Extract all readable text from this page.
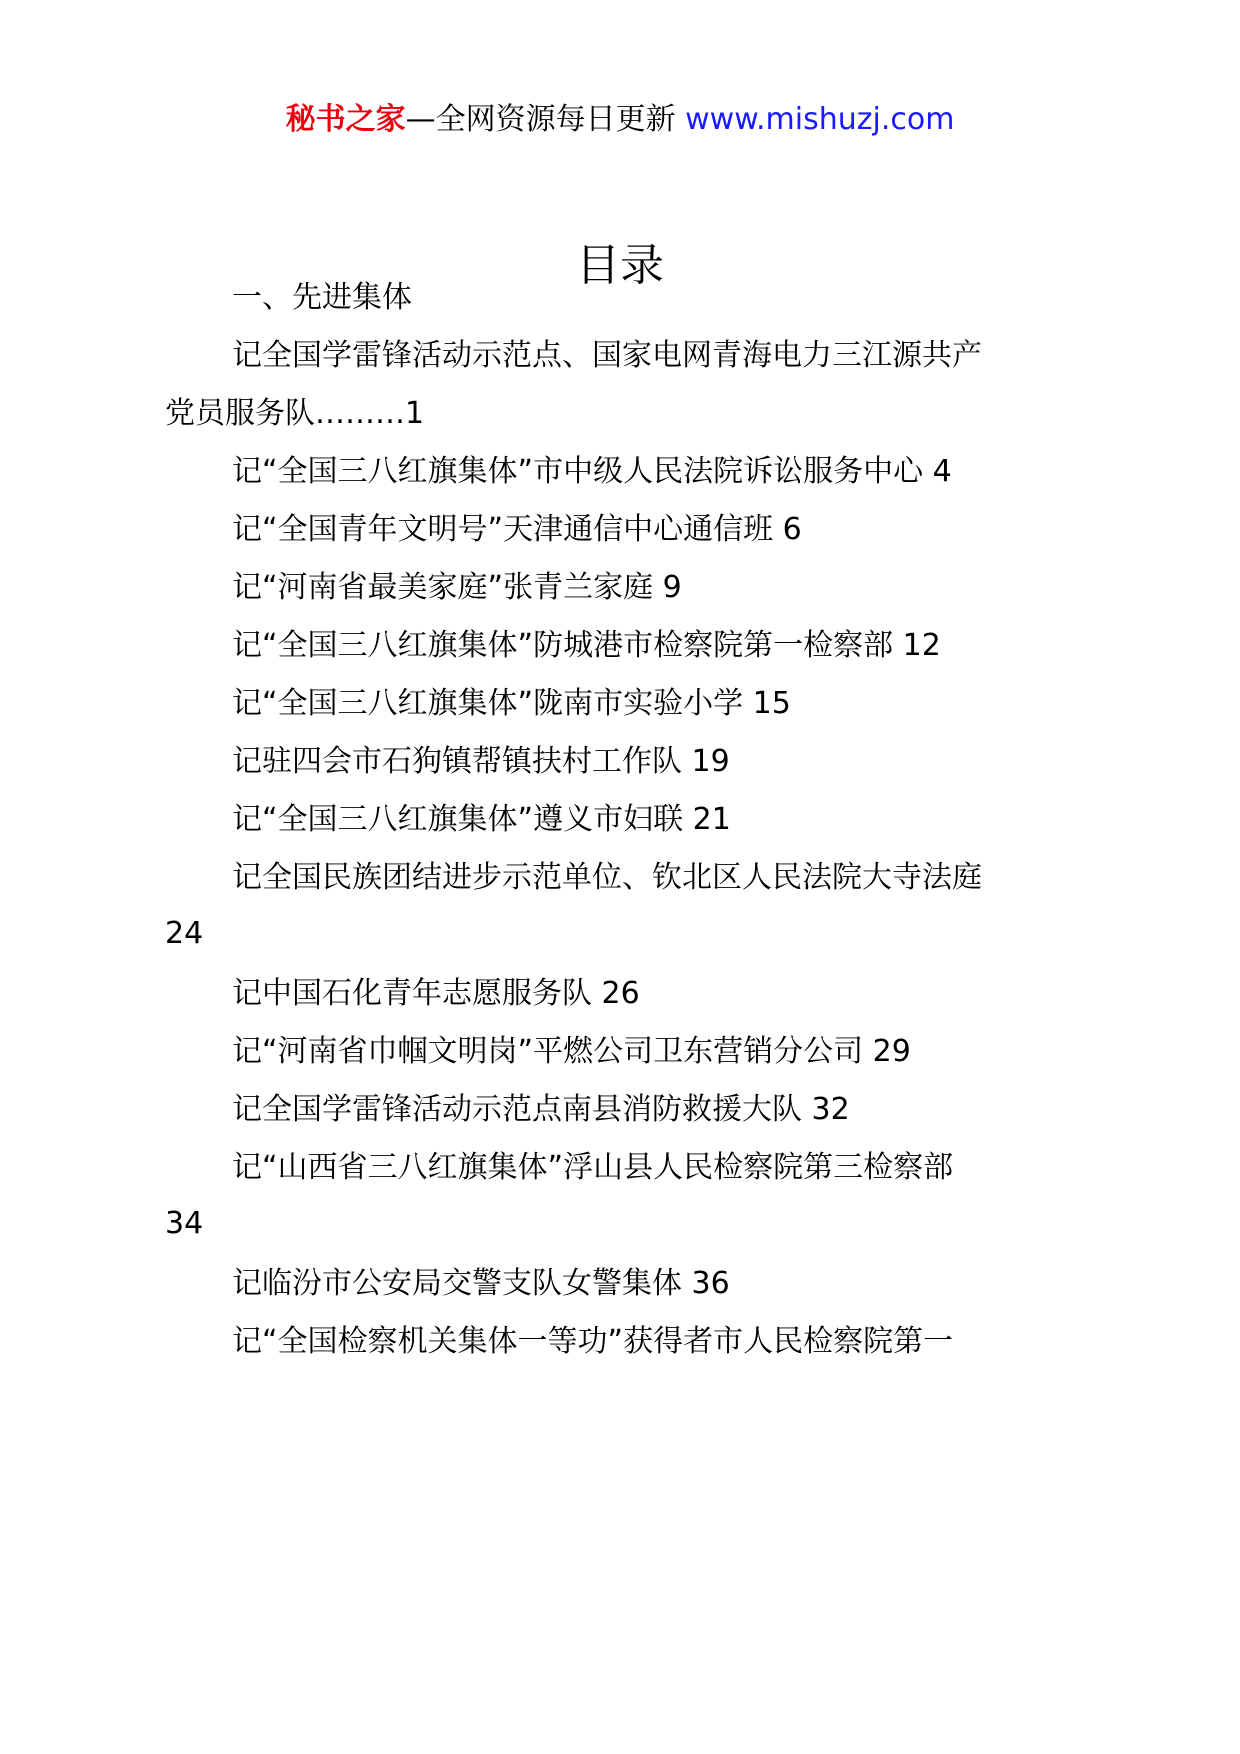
秘书之家—全网资源每日更新 www.mishuzj.com
目录
一、先进集体
记全国学雷锋活动示范点、国家电网青海电力三江源共产
党员服务队………1
记“全国三八红旗集体”市中级人民法院诉讼服务中心 4
记“全国青年文明号”天津通信中心通信班 6
记“河南省最美家庭”张青兰家庭 9
记“全国三八红旗集体”防城港市检察院第一检察部 12
记“全国三八红旗集体”陇南市实验小学 15
记驻四会市石狗镇帮镇扶村工作队 19
记“全国三八红旗集体”遵义市妇联 21
记全国民族团结进步示范单位、钦北区人民法院大寺法庭
24
记中国石化青年志愿服务队 26
记“河南省巾帼文明岗”平燃公司卫东营销分公司 29
记全国学雷锋活动示范点南县消防救援大队 32
记“山西省三八红旗集体”浮山县人民检察院第三检察部
34
记临汾市公安局交警支队女警集体 36
记“全国检察机关集体一等功”获得者市人民检察院第一
